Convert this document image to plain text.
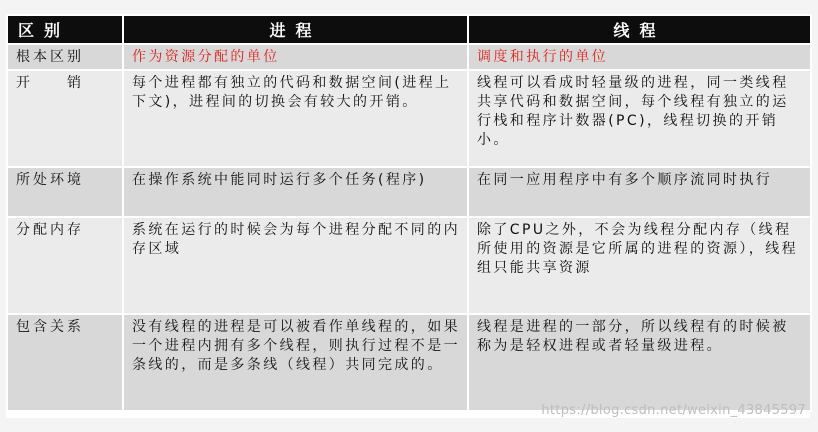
区别	进程	线程
根本区别	作为资源分配的单位	调度和执行的单位
开　　销	每个进程都有独立的代码和数据空间(进程上下文)，进程间的切换会有较大的开销。	线程可以看成时轻量级的进程，同一类线程共享代码和数据空间，每个线程有独立的运行栈和程序计数器(PC)，线程切换的开销小。
所处环境	在操作系统中能同时运行多个任务(程序)	在同一应用程序中有多个顺序流同时执行
分配内存	系统在运行的时候会为每个进程分配不同的内存区域	除了CPU之外，不会为线程分配内存（线程所使用的资源是它所属的进程的资源），线程组只能共享资源
包含关系	没有线程的进程是可以被看作单线程的，如果一个进程内拥有多个线程，则执行过程不是一条线的，而是多条线（线程）共同完成的。	线程是进程的一部分，所以线程有的时候被称为是轻权进程或者轻量级进程。
https://blog.csdn.net/weixin_43845597
